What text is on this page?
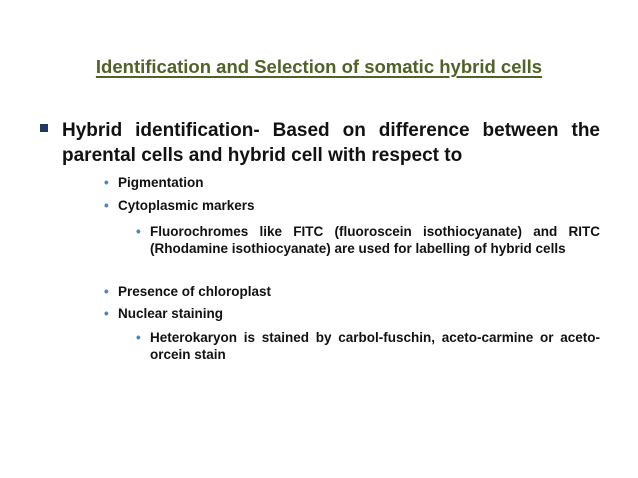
Identification and Selection of somatic hybrid cells
Hybrid identification- Based on difference between the parental cells and hybrid cell with respect to
• Pigmentation
• Cytoplasmic markers
• Fluorochromes like FITC (fluoroscein isothiocyanate) and RITC (Rhodamine isothiocyanate) are used for labelling of hybrid cells
• Presence of chloroplast
• Nuclear staining
• Heterokaryon is stained by carbol-fuschin, aceto-carmine or aceto-orcein stain
